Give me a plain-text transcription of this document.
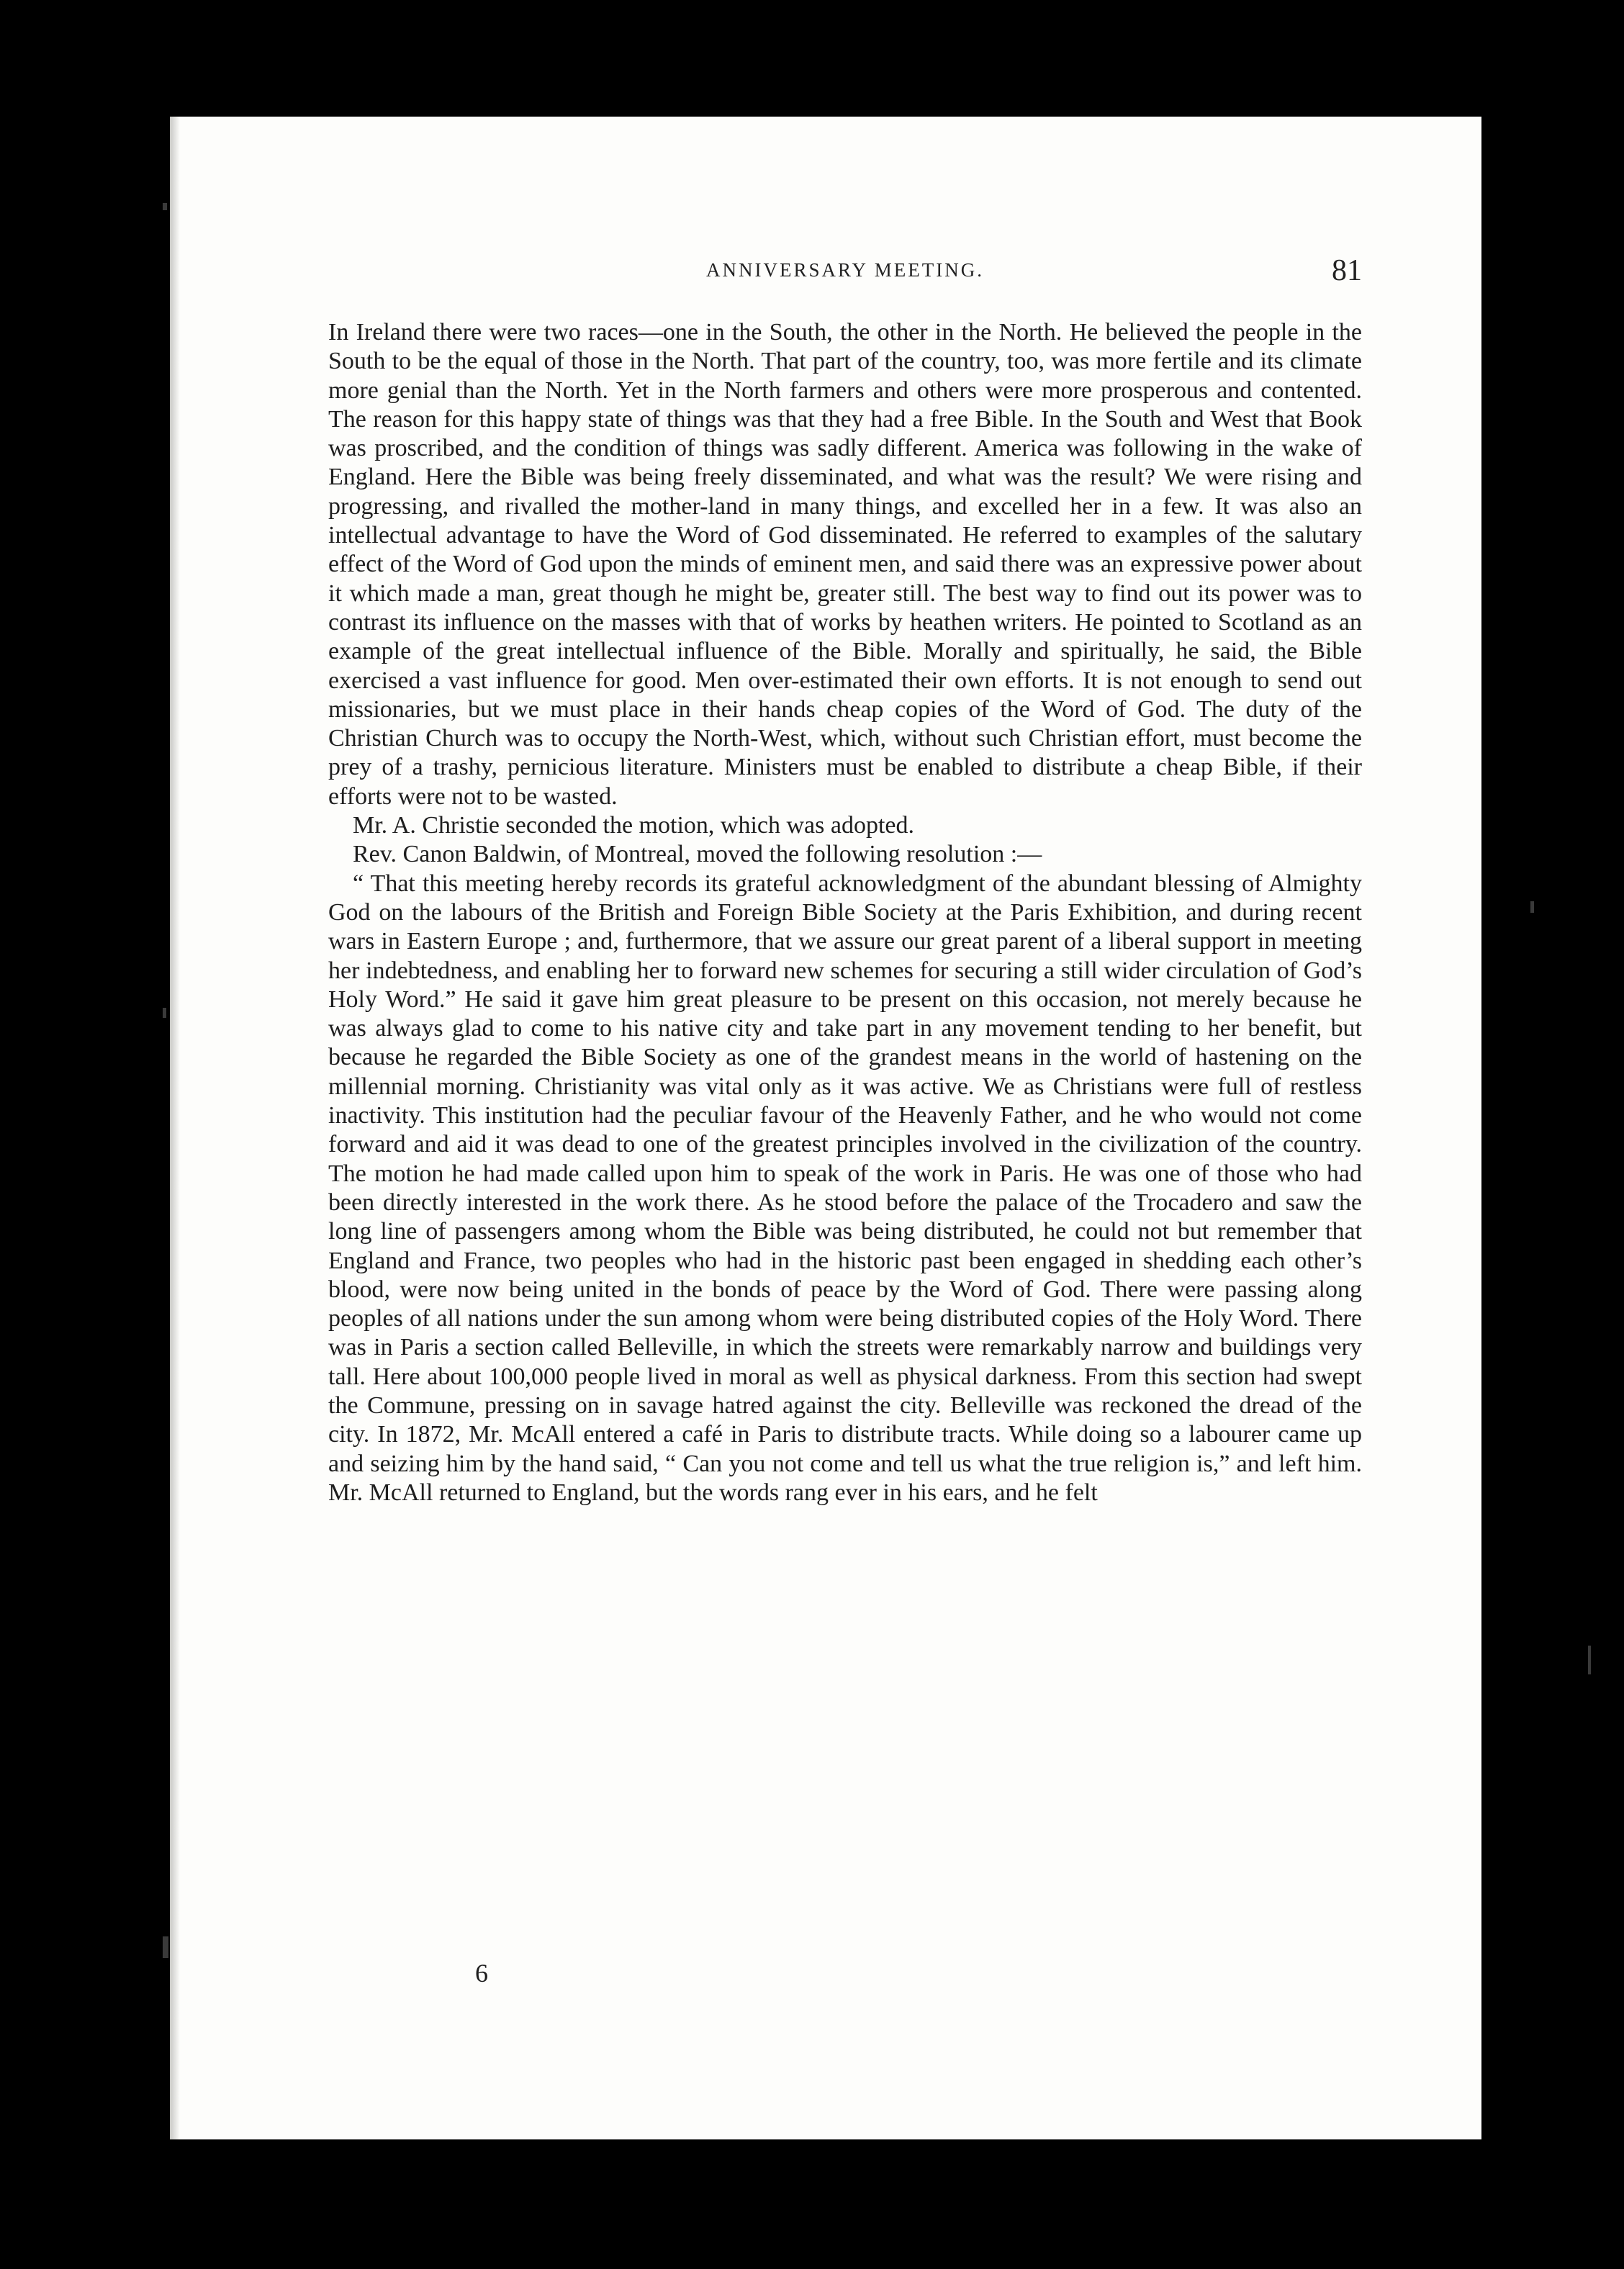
ANNIVERSARY MEETING.	81

In Ireland there were two races—one in the South, the other in the North. He believed the people in the South to be the equal of those in the North. That part of the country, too, was more fertile and its climate more genial than the North. Yet in the North farmers and others were more prosperous and contented. The reason for this happy state of things was that they had a free Bible. In the South and West that Book was proscribed, and the condition of things was sadly different. America was following in the wake of England. Here the Bible was being freely disseminated, and what was the result? We were rising and progressing, and rivalled the mother-land in many things, and excelled her in a few. It was also an intellectual advantage to have the Word of God disseminated. He referred to examples of the salutary effect of the Word of God upon the minds of eminent men, and said there was an expressive power about it which made a man, great though he might be, greater still. The best way to find out its power was to contrast its influence on the masses with that of works by heathen writers. He pointed to Scotland as an example of the great intellectual influence of the Bible. Morally and spiritually, he said, the Bible exercised a vast influence for good. Men over-estimated their own efforts. It is not enough to send out missionaries, but we must place in their hands cheap copies of the Word of God. The duty of the Christian Church was to occupy the North-West, which, without such Christian effort, must become the prey of a trashy, pernicious literature. Ministers must be enabled to distribute a cheap Bible, if their efforts were not to be wasted.

Mr. A. Christie seconded the motion, which was adopted.

Rev. Canon Baldwin, of Montreal, moved the following resolution :—

“ That this meeting hereby records its grateful acknowledgment of the abundant blessing of Almighty God on the labours of the British and Foreign Bible Society at the Paris Exhibition, and during recent wars in Eastern Europe ; and, furthermore, that we assure our great parent of a liberal support in meeting her indebtedness, and enabling her to forward new schemes for securing a still wider circulation of God’s Holy Word.” He said it gave him great pleasure to be present on this occasion, not merely because he was always glad to come to his native city and take part in any movement tending to her benefit, but because he regarded the Bible Society as one of the grandest means in the world of hastening on the millennial morning. Christianity was vital only as it was active. We as Christians were full of restless inactivity. This institution had the peculiar favour of the Heavenly Father, and he who would not come forward and aid it was dead to one of the greatest principles involved in the civilization of the country. The motion he had made called upon him to speak of the work in Paris. He was one of those who had been directly interested in the work there. As he stood before the palace of the Trocadero and saw the long line of passengers among whom the Bible was being distributed, he could not but remember that England and France, two peoples who had in the historic past been engaged in shedding each other’s blood, were now being united in the bonds of peace by the Word of God. There were passing along peoples of all nations under the sun among whom were being distributed copies of the Holy Word. There was in Paris a section called Belleville, in which the streets were remarkably narrow and buildings very tall. Here about 100,000 people lived in moral as well as physical darkness. From this section had swept the Commune, pressing on in savage hatred against the city. Belleville was reckoned the dread of the city. In 1872, Mr. McAll entered a café in Paris to distribute tracts. While doing so a labourer came up and seizing him by the hand said, “ Can you not come and tell us what the true religion is,” and left him. Mr. McAll returned to England, but the words rang ever in his ears, and he felt

6
